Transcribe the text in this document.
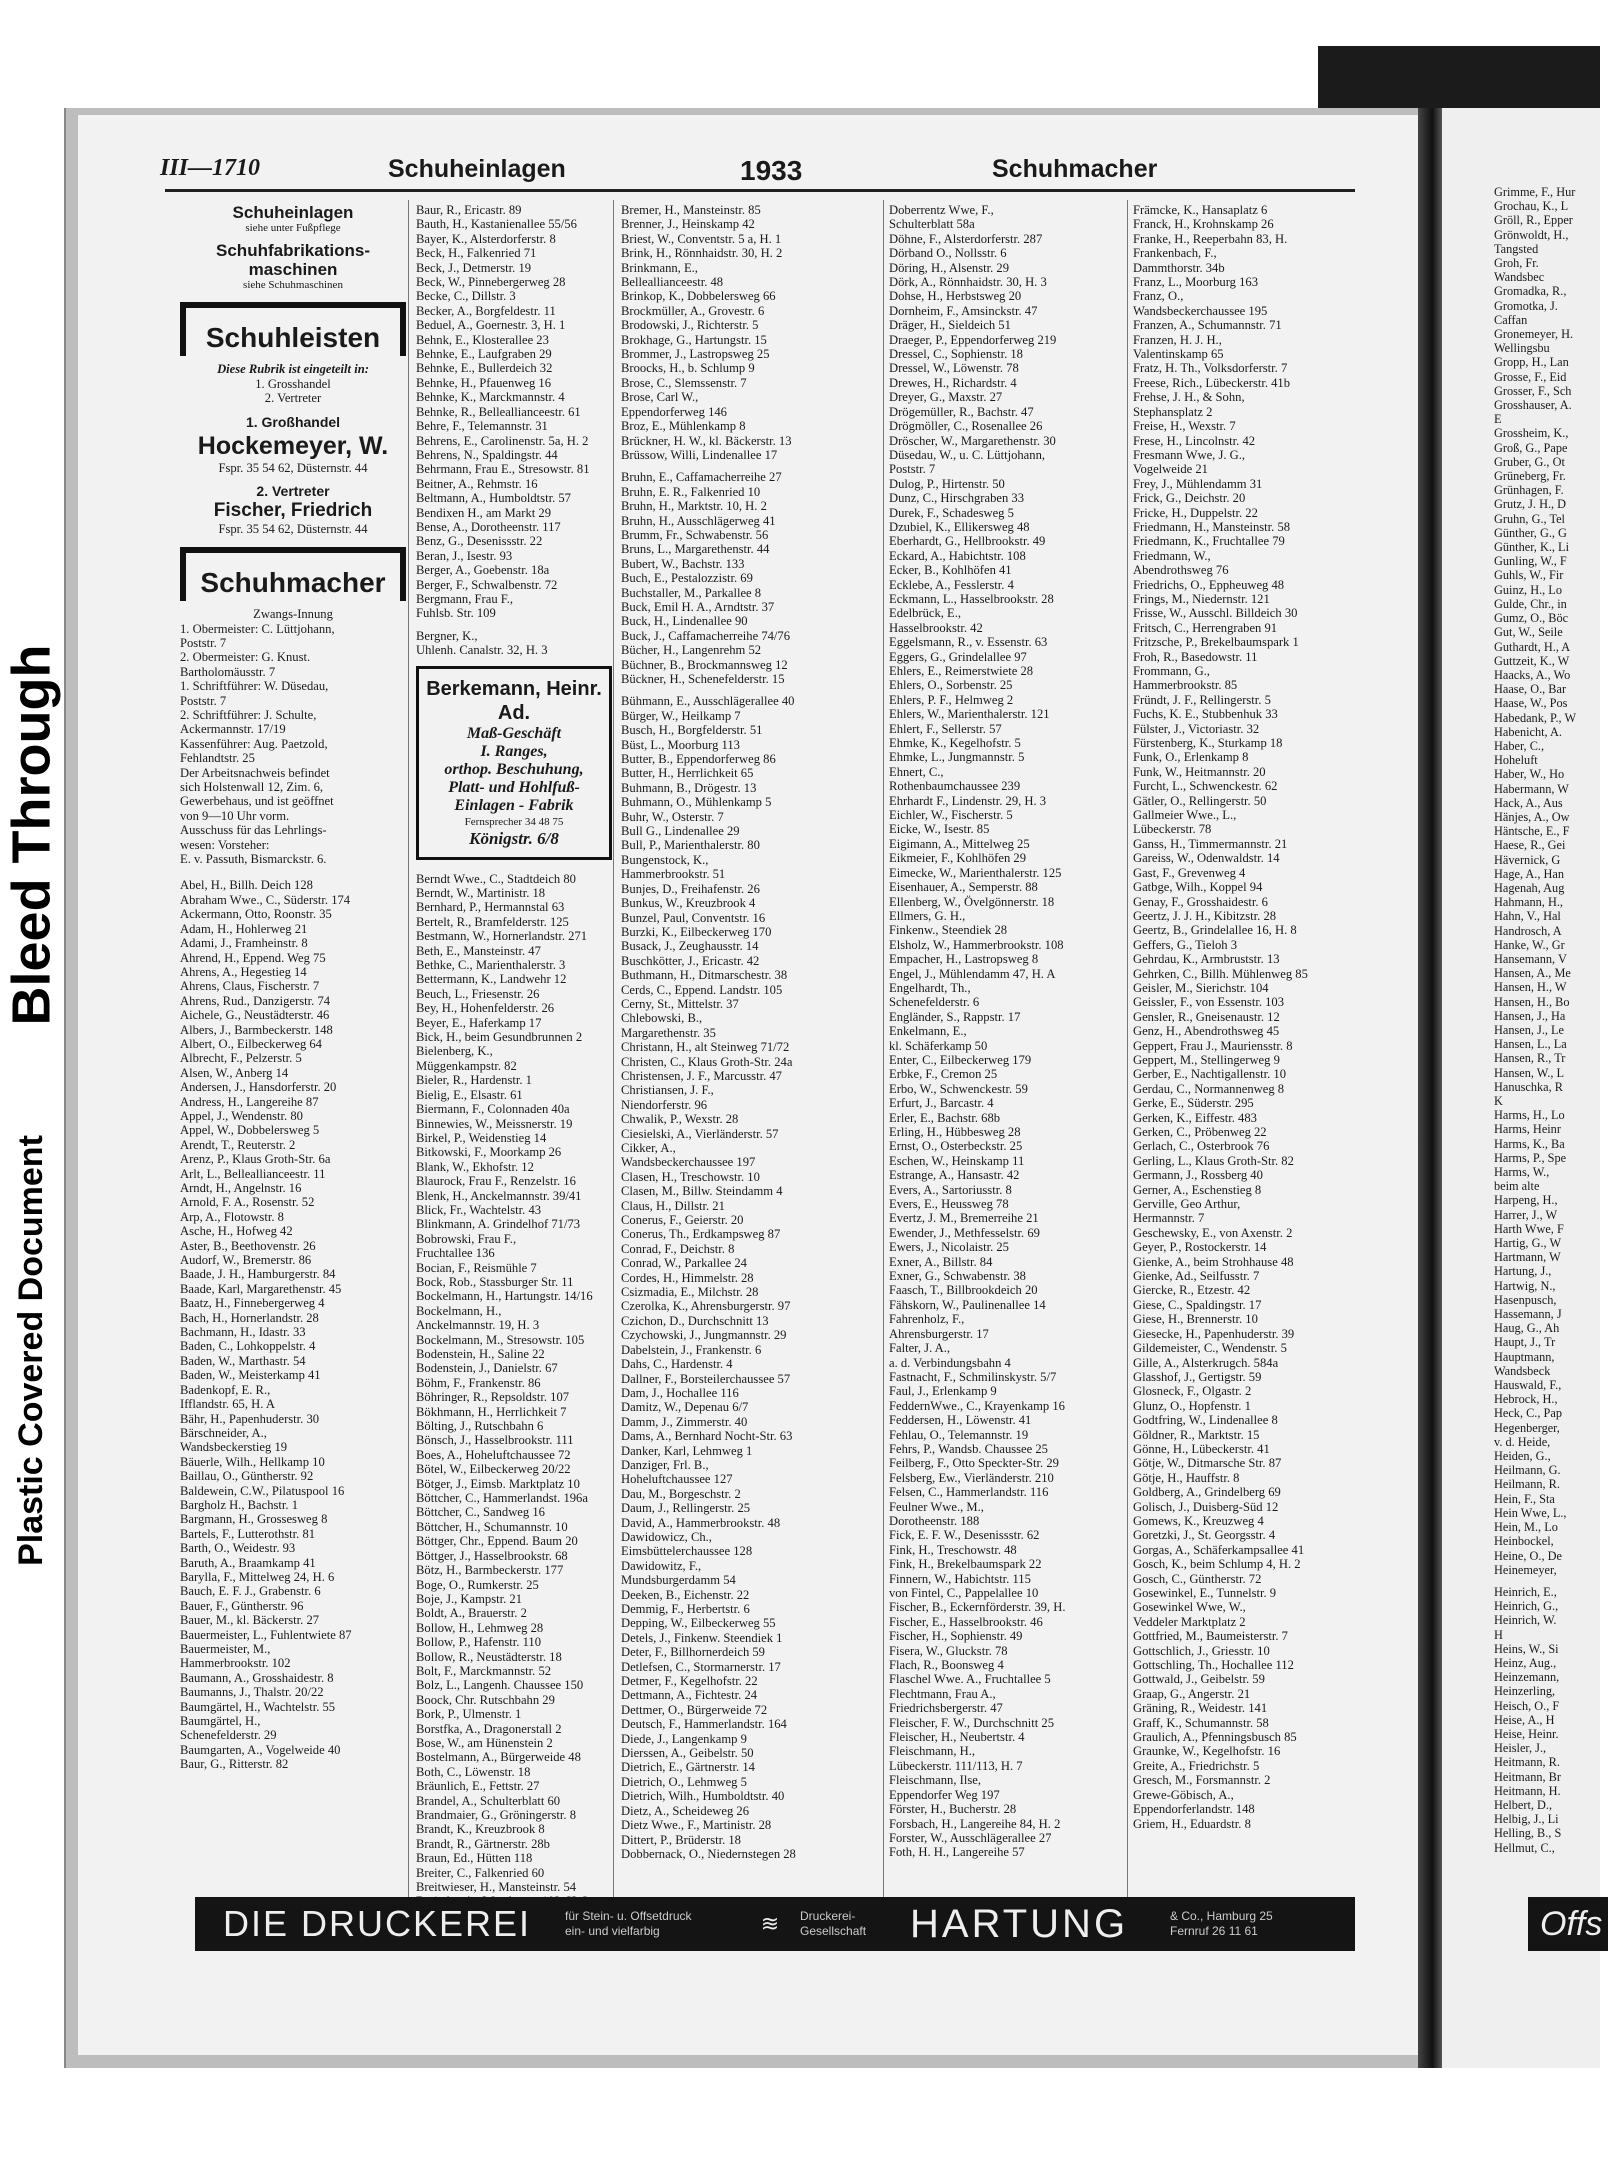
Bleed Through
Plastic Covered Document
III—1710	Schuheinlagen	1933	Schuhmacher
Schuheinlagen
siehe unter Fußpflege
Schuhfabrikations-
maschinen
siehe Schuhmaschinen
Schuhleisten
Diese Rubrik ist eingeteilt in:
1. Grosshandel
2. Vertreter
1. Großhandel
Hockemeyer, W.
Fspr. 35 54 62, Düsternstr. 44
2. Vertreter
Fischer, Friedrich
Fspr. 35 54 62, Düsternstr. 44
Schuhmacher
Zwangs-Innung
1. Obermeister: C. Lüttjohann,
Poststr. 7
2. Obermeister: G. Knust.
Bartholomäusstr. 7
1. Schriftführer: W. Düsedau,
Poststr. 7
2. Schriftführer: J. Schulte,
Ackermannstr. 17/19
Kassenführer: Aug. Paetzold,
Fehlandtstr. 25
Der Arbeitsnachweis befindet
sich Holstenwall 12, Zim. 6,
Gewerbehaus, und ist geöffnet
von 9—10 Uhr vorm.
Ausschuss für das Lehrlings-
wesen: Vorsteher:
E. v. Passuth, Bismarckstr. 6.
Abel, H., Billh. Deich 128
Abraham Wwe., C., Süderstr. 174
Ackermann, Otto, Roonstr. 35
Adam, H., Hohlerweg 21
Adami, J., Framheinstr. 8
Ahrend, H., Eppend. Weg 75
Ahrens, A., Hegestieg 14
Ahrens, Claus, Fischerstr. 7
Ahrens, Rud., Danzigerstr. 74
Aichele, G., Neustädterstr. 46
Albers, J., Barmbeckerstr. 148
Albert, O., Eilbeckerweg 64
Albrecht, F., Pelzerstr. 5
Alsen, W., Anberg 14
Andersen, J., Hansdorferstr. 20
Andress, H., Langereihe 87
Appel, J., Wendenstr. 80
Appel, W., Dobbelersweg 5
Arendt, T., Reuterstr. 2
Arenz, P., Klaus Groth-Str. 6a
Arlt, L., Belleallianceestr. 11
Arndt, H., Angelnstr. 16
Arnold, F. A., Rosenstr. 52
Arp, A., Flotowstr. 8
Asche, H., Hofweg 42
Aster, B., Beethovenstr. 26
Audorf, W., Bremerstr. 86
Baade, J. H., Hamburgerstr. 84
Baade, Karl, Margarethenstr. 45
Baatz, H., Finnebergerweg 4
Bach, H., Hornerlandstr. 28
Bachmann, H., Idastr. 33
Baden, C., Lohkoppelstr. 4
Baden, W., Marthastr. 54
Baden, W., Meisterkamp 41
Badenkopf, E. R.,
Ifflandstr. 65, H. A
Bähr, H., Papenhuderstr. 30
Bärschneider, A.,
Wandsbeckerstieg 19
Bäuerle, Wilh., Hellkamp 10
Baillau, O., Güntherstr. 92
Baldewein, C.W., Pilatuspool 16
Bargholz H., Bachstr. 1
Bargmann, H., Grossesweg 8
Bartels, F., Lutterothstr. 81
Barth, O., Weidestr. 93
Baruth, A., Braamkamp 41
Barylla, F., Mittelweg 24, H. 6
Bauch, E. F. J., Grabenstr. 6
Bauer, F., Güntherstr. 96
Bauer, M., kl. Bäckerstr. 27
Bauermeister, L., Fuhlentwiete 87
Bauermeister, M.,
Hammerbrookstr. 102
Baumann, A., Grosshaidestr. 8
Baumanns, J., Thalstr. 20/22
Baumgärtel, H., Wachtelstr. 55
Baumgärtel, H.,
Schenefelderstr. 29
Baumgarten, A., Vogelweide 40
Baur, G., Ritterstr. 82
Baur, R., Ericastr. 89
Bauth, H., Kastanienallee 55/56
Bayer, K., Alsterdorferstr. 8
Beck, H., Falkenried 71
Beck, J., Detmerstr. 19
Beck, W., Pinnebergerweg 28
Becke, C., Dillstr. 3
Becker, A., Borgfeldestr. 11
Beduel, A., Goernestr. 3, H. 1
Behnk, E., Klosterallee 23
Behnke, E., Laufgraben 29
Behnke, E., Bullerdeich 32
Behnke, H., Pfauenweg 16
Behnke, K., Marckmannstr. 4
Behnke, R., Belleallianceestr. 61
Behre, F., Telemannstr. 31
Behrens, E., Carolinenstr. 5a, H. 2
Behrens, N., Spaldingstr. 44
Behrmann, Frau E., Stresowstr. 81
Beitner, A., Rehmstr. 16
Beltmann, A., Humboldtstr. 57
Bendixen H., am Markt 29
Bense, A., Dorotheenstr. 117
Benz, G., Desenissstr. 22
Beran, J., Isestr. 93
Berger, A., Goebenstr. 18a
Berger, F., Schwalbenstr. 72
Bergmann, Frau F.,
Fuhlsb. Str. 109
Bergner, K.,
Uhlenh. Canalstr. 32, H. 3
Berkemann, Heinr. Ad.
Maß-Geschäft
I. Ranges,
orthop. Beschuhung,
Platt- und Hohlfuß-
Einlagen - Fabrik
Fernsprecher 34 48 75
Königstr. 6/8
Berndt Wwe., C., Stadtdeich 80
Berndt, W., Martinistr. 18
Bernhard, P., Hermannstal 63
Bertelt, R., Bramfelderstr. 125
Bestmann, W., Hornerlandstr. 271
Beth, E., Mansteinstr. 47
Bethke, C., Marienthalerstr. 3
Bettermann, K., Landwehr 12
Beuch, L., Friesenstr. 26
Bey, H., Hohenfelderstr. 26
Beyer, E., Haferkamp 17
Bick, H., beim Gesundbrunnen 2
Bielenberg, K.,
Müggenkampstr. 82
Bieler, R., Hardenstr. 1
Bielig, E., Elsastr. 61
Biermann, F., Colonnaden 40a
Binnewies, W., Meissnerstr. 19
Birkel, P., Weidenstieg 14
Bitkowski, F., Moorkamp 26
Blank, W., Ekhofstr. 12
Blaurock, Frau F., Renzelstr. 16
Blenk, H., Anckelmannstr. 39/41
Blick, Fr., Wachtelstr. 43
Blinkmann, A. Grindelhof 71/73
Bobrowski, Frau F.,
Fruchtallee 136
Bocian, F., Reismühle 7
Bock, Rob., Stassburger Str. 11
Bockelmann, H., Hartungstr. 14/16
Bockelmann, H.,
Anckelmannstr. 19, H. 3
Bockelmann, M., Stresowstr. 105
Bodenstein, H., Saline 22
Bodenstein, J., Danielstr. 67
Böhm, F., Frankenstr. 86
Böhringer, R., Repsoldstr. 107
Bökhmann, H., Herrlichkeit 7
Bölting, J., Rutschbahn 6
Bönsch, J., Hasselbrookstr. 111
Boes, A., Hoheluftchaussee 72
Bötel, W., Eilbeckerweg 20/22
Bötger, J., Eimsb. Marktplatz 10
Böttcher, C., Hammerlandst. 196a
Böttcher, C., Sandweg 16
Böttcher, H., Schumannstr. 10
Böttger, Chr., Eppend. Baum 20
Böttger, J., Hasselbrookstr. 68
Bötz, H., Barmbeckerstr. 177
Boge, O., Rumkerstr. 25
Boje, J., Kampstr. 21
Boldt, A., Brauerstr. 2
Bollow, H., Lehmweg 28
Bollow, P., Hafenstr. 110
Bollow, R., Neustädterstr. 18
Bolt, F., Marckmannstr. 52
Bolz, L., Langenh. Chaussee 150
Boock, Chr. Rutschbahn 29
Bork, P., Ulmenstr. 1
Borstfka, A., Dragonerstall 2
Bose, W., am Hünenstein 2
Bostelmann, A., Bürgerweide 48
Both, C., Löwenstr. 18
Bräunlich, E., Fettstr. 27
Brandel, A., Schulterblatt 60
Brandmaier, G., Gröningerstr. 8
Brandt, K., Kreuzbrook 8
Brandt, R., Gärtnerstr. 28b
Braun, Ed., Hütten 118
Breiter, C., Falkenried 60
Breitwieser, H., Mansteinstr. 54
Bremer, H., Mansteinstr. 85
Brenner, J., Heinskamp 42
Briest, W., Conventstr. 5 a, H. 1
Brink, H., Rönnhaidstr. 30, H. 2
Brinkmann, E.,
Belleallianceestr. 48
Brinkop, K., Dobbelersweg 66
Brockmüller, A., Grovestr. 6
Brodowski, J., Richterstr. 5
Brokhage, G., Hartungstr. 15
Brommer, J., Lastropsweg 25
Broocks, H., b. Schlump 9
Brose, C., Slemssenstr. 7
Brose, Carl W.,
Eppendorferweg 146
Broz, E., Mühlenkamp 8
Brückner, H. W., kl. Bäckerstr. 13
Brüssow, Willi, Lindenallee 17
Bruhn, E., Caffamacherreihe 27
Bruhn, E. R., Falkenried 10
Bruhn, H., Marktstr. 10, H. 2
Bruhn, H., Ausschlägerweg 41
Brumm, Fr., Schwabenstr. 56
Bruns, L., Margarethenstr. 44
Bubert, W., Bachstr. 133
Buch, E., Pestalozzistr. 69
Buchstaller, M., Parkallee 8
Buck, Emil H. A., Arndtstr. 37
Buck, H., Lindenallee 90
Buck, J., Caffamacherreihe 74/76
Bücher, H., Langenrehm 52
Büchner, B., Brockmannsweg 12
Bückner, H., Schenefelderstr. 15
Bühmann, E., Ausschlägerallee 40
Bürger, W., Heilkamp 7
Busch, H., Borgfelderstr. 51
Büst, L., Moorburg 113
Butter, B., Eppendorferweg 86
Butter, H., Herrlichkeit 65
Buhmann, B., Drögestr. 13
Buhmann, O., Mühlenkamp 5
Buhr, W., Osterstr. 7
Bull G., Lindenallee 29
Bull, P., Marienthalerstr. 80
Bungenstock, K.,
Hammerbrookstr. 51
Bunjes, D., Freihafenstr. 26
Bunkus, W., Kreuzbrook 4
Bunzel, Paul, Conventstr. 16
Burzki, K., Eilbeckerweg 170
Busack, J., Zeughausstr. 14
Buschkötter, J., Ericastr. 42
Buthmann, H., Ditmarschestr. 38
Cerds, C., Eppend. Landstr. 105
Cerny, St., Mittelstr. 37
Chlebowski, B.,
Margarethenstr. 35
Christann, H., alt Steinweg 71/72
Christen, C., Klaus Groth-Str. 24a
Christensen, J. F., Marcusstr. 47
Christiansen, J. F.,
Niendorferstr. 96
Chwalik, P., Wexstr. 28
Ciesielski, A., Vierländerstr. 57
Cikker, A.,
Wandsbeckerchaussee 197
Clasen, H., Treschowstr. 10
Clasen, M., Billw. Steindamm 4
Claus, H., Dillstr. 21
Conerus, F., Geierstr. 20
Conerus, Th., Erdkampsweg 87
Conrad, F., Deichstr. 8
Conrad, W., Parkallee 24
Cordes, H., Himmelstr. 28
Csizmadia, E., Milchstr. 28
Czerolka, K., Ahrensburgerstr. 97
Czichon, D., Durchschnitt 13
Czychowski, J., Jungmannstr. 29
Dabelstein, J., Frankenstr. 6
Dahs, C., Hardenstr. 4
Dallner, F., Borsteilerchaussee 57
Dam, J., Hochallee 116
Damitz, W., Depenau 6/7
Damm, J., Zimmerstr. 40
Dams, A., Bernhard Nocht-Str. 63
Danker, Karl, Lehmweg 1
Danziger, Frl. B.,
Hoheluftchaussee 127
Dau, M., Borgeschstr. 2
Daum, J., Rellingerstr. 25
David, A., Hammerbrookstr. 48
Dawidowicz, Ch.,
Eimsbüttelerchaussee 128
Dawidowitz, F.,
Mundsburgerdamm 54
Deeken, B., Eichenstr. 22
Demmig, F., Herbertstr. 6
Depping, W., Eilbeckerweg 55
Detels, J., Finkenw. Steendiek 1
Deter, F., Billhornerdeich 59
Detlefsen, C., Stormarnerstr. 17
Detmer, F., Kegelhofstr. 22
Dettmann, A., Fichtestr. 24
Dettmer, O., Bürgerweide 72
Deutsch, F., Hammerlandstr. 164
Diede, J., Langenkamp 9
Dierssen, A., Geibelstr. 50
Dietrich, E., Gärtnerstr. 14
Dietrich, O., Lehmweg 5
Dietrich, Wilh., Humboldtstr. 40
Dietz, A., Scheideweg 26
Dietz Wwe., F., Martinistr. 28
Dittert, P., Brüderstr. 18
Dobbernack, O., Niedernstegen 28
Doberrentz Wwe, F.,
Schulterblatt 58a
Döhne, F., Alsterdorferstr. 287
Dörband O., Nollsstr. 6
Döring, H., Alsenstr. 29
Dörk, A., Rönnhaidstr. 30, H. 3
Dohse, H., Herbstsweg 20
Dornheim, F., Amsinckstr. 47
Dräger, H., Sieldeich 51
Draeger, P., Eppendorferweg 219
Dressel, C., Sophienstr. 18
Dressel, W., Löwenstr. 78
Drewes, H., Richardstr. 4
Dreyer, G., Maxstr. 27
Drögemüller, R., Bachstr. 47
Drögmöller, C., Rosenallee 26
Dröscher, W., Margarethenstr. 30
Düsedau, W., u. C. Lüttjohann,
Poststr. 7
Dulog, P., Hirtenstr. 50
Dunz, C., Hirschgraben 33
Durek, F., Schadesweg 5
Dzubiel, K., Ellikersweg 48
Eberhardt, G., Hellbrookstr. 49
Eckard, A., Habichtstr. 108
Ecker, B., Kohlhöfen 41
Ecklebe, A., Fesslerstr. 4
Eckmann, L., Hasselbrookstr. 28
Edelbrück, E.,
Hasselbrookstr. 42
Eggelsmann, R., v. Essenstr. 63
Eggers, G., Grindelallee 97
Ehlers, E., Reimerstwiete 28
Ehlers, O., Sorbenstr. 25
Ehlers, P. F., Helmweg 2
Ehlers, W., Marienthalerstr. 121
Ehlert, F., Sellerstr. 57
Ehmke, K., Kegelhofstr. 5
Ehmke, L., Jungmannstr. 5
Ehnert, C.,
Rothenbaumchaussee 239
Ehrhardt F., Lindenstr. 29, H. 3
Eichler, W., Fischerstr. 5
Eicke, W., Isestr. 85
Eigimann, A., Mittelweg 25
Eikmeier, F., Kohlhöfen 29
Eimecke, W., Marienthalerstr. 125
Eisenhauer, A., Semperstr. 88
Ellenberg, W., Övelgönnerstr. 18
Ellmers, G. H.,
Finkenw., Steendiek 28
Elsholz, W., Hammerbrookstr. 108
Empacher, H., Lastropsweg 8
Engel, J., Mühlendamm 47, H. A
Engelhardt, Th.,
Schenefelderstr. 6
Engländer, S., Rappstr. 17
Enkelmann, E.,
kl. Schäferkamp 50
Enter, C., Eilbeckerweg 179
Erbke, F., Cremon 25
Erbo, W., Schwenckestr. 59
Erfurt, J., Barcastr. 4
Erler, E., Bachstr. 68b
Erling, H., Hübbesweg 28
Ernst, O., Osterbeckstr. 25
Eschen, W., Heinskamp 11
Estrange, A., Hansastr. 42
Evers, A., Sartoriusstr. 8
Evers, E., Heussweg 78
Evertz, J. M., Bremerreihe 21
Ewender, J., Methfesselstr. 69
Ewers, J., Nicolaistr. 25
Exner, A., Billstr. 84
Exner, G., Schwabenstr. 38
Faasch, T., Billbrookdeich 20
Fähskorn, W., Paulinenallee 14
Fahrenholz, F.,
Ahrensburgerstr. 17
Falter, J. A.,
a. d. Verbindungsbahn 4
Fastnacht, F., Schmilinskystr. 5/7
Faul, J., Erlenkamp 9
FeddernWwe., C., Krayenkamp 16
Feddersen, H., Löwenstr. 41
Fehlau, O., Telemannstr. 19
Fehrs, P., Wandsb. Chaussee 25
Feilberg, F., Otto Speckter-Str. 29
Felsberg, Ew., Vierländerstr. 210
Felsen, C., Hammerlandstr. 116
Feulner Wwe., M.,
Dorotheenstr. 188
Fick, E. F. W., Desenissstr. 62
Fink, H., Treschowstr. 48
Fink, H., Brekelbaumspark 22
Finnern, W., Habichtstr. 115
von Fintel, C., Pappelallee 10
Fischer, B., Eckernförderstr. 39, H.
Fischer, E., Hasselbrookstr. 46
Fischer, H., Sophienstr. 49
Fisera, W., Gluckstr. 78
Flach, R., Boonsweg 4
Flaschel Wwe. A., Fruchtallee 5
Flechtmann, Frau A.,
Friedrichsbergerstr. 47
Fleischer, F. W., Durchschnitt 25
Fleischer, H., Neubertstr. 4
Fleischmann, H.,
Lübeckerstr. 111/113, H. 7
Fleischmann, Ilse,
Eppendorfer Weg 197
Förster, H., Bucherstr. 28
Forsbach, H., Langereihe 84, H. 2
Forster, W., Ausschlägerallee 27
Foth, H. H., Langereihe 57
Främcke, K., Hansaplatz 6
Franck, H., Krohnskamp 26
Franke, H., Reeperbahn 83, H.
Frankenbach, F.,
Dammthorstr. 34b
Franz, L., Moorburg 163
Franz, O.,
Wandsbeckerchaussee 195
Franzen, A., Schumannstr. 71
Franzen, H. J. H.,
Valentinskamp 65
Fratz, H. Th., Volksdorferstr. 7
Freese, Rich., Lübeckerstr. 41b
Frehse, J. H., & Sohn,
Stephansplatz 2
Freise, H., Wexstr. 7
Frese, H., Lincolnstr. 42
Fresmann Wwe, J. G.,
Vogelweide 21
Frey, J., Mühlendamm 31
Frick, G., Deichstr. 20
Fricke, H., Duppelstr. 22
Friedmann, H., Mansteinstr. 58
Friedmann, K., Fruchtallee 79
Friedmann, W.,
Abendrothsweg 76
Friedrichs, O., Eppheuweg 48
Frings, M., Niedernstr. 121
Frisse, W., Ausschl. Billdeich 30
Fritsch, C., Herrengraben 91
Fritzsche, P., Brekelbaumspark 1
Froh, R., Basedowstr. 11
Frommann, G.,
Hammerbrookstr. 85
Fründt, J. F., Rellingerstr. 5
Fuchs, K. E., Stubbenhuk 33
Fülster, J., Victoriastr. 32
Fürstenberg, K., Sturkamp 18
Funk, O., Erlenkamp 8
Funk, W., Heitmannstr. 20
Furcht, L., Schwenckestr. 62
Gätler, O., Rellingerstr. 50
Gallmeier Wwe., L.,
Lübeckerstr. 78
Ganss, H., Timmermannstr. 21
Gareiss, W., Odenwaldstr. 14
Gast, F., Grevenweg 4
Gatbge, Wilh., Koppel 94
Genay, F., Grosshaidestr. 6
Geertz, J. J. H., Kibitzstr. 28
Geertz, B., Grindelallee 16, H. 8
Geffers, G., Tieloh 3
Gehrdau, K., Armbruststr. 13
Gehrken, C., Billh. Mühlenweg 85
Geisler, M., Sierichstr. 104
Geissler, F., von Essenstr. 103
Gensler, R., Gneisenaustr. 12
Genz, H., Abendrothsweg 45
Geppert, Frau J., Mauriensstr. 8
Geppert, M., Stellingerweg 9
Gerber, E., Nachtigallenstr. 10
Gerdau, C., Normannenweg 8
Gerke, E., Süderstr. 295
Gerken, K., Eiffestr. 483
Gerken, C., Pröbenweg 22
Gerlach, C., Osterbrook 76
Gerling, L., Klaus Groth-Str. 82
Germann, J., Rossberg 40
Gerner, A., Eschenstieg 8
Gerville, Geo Arthur,
Hermannstr. 7
Geschewsky, E., von Axenstr. 2
Geyer, P., Rostockerstr. 14
Gienke, A., beim Strohhause 48
Gienke, Ad., Seilfusstr. 7
Giercke, R., Etzestr. 42
Giese, C., Spaldingstr. 17
Giese, H., Brennerstr. 10
Giesecke, H., Papenhuderstr. 39
Gildemeister, C., Wendenstr. 5
Gille, A., Alsterkrugch. 584a
Glasshof, J., Gertigstr. 59
Glosneck, F., Olgastr. 2
Glunz, O., Hopfenstr. 1
Godtfring, W., Lindenallee 8
Göldner, R., Marktstr. 15
Gönne, H., Lübeckerstr. 41
Götje, W., Ditmarsche Str. 87
Götje, H., Hauffstr. 8
Goldberg, A., Grindelberg 69
Golisch, J., Duisberg-Süd 12
Gomews, K., Kreuzweg 4
Goretzki, J., St. Georgsstr. 4
Gorgas, A., Schäferkampsallee 41
Gosch, K., beim Schlump 4, H. 2
Gosch, C., Güntherstr. 72
Gosewinkel, E., Tunnelstr. 9
Gosewinkel Wwe, W.,
Veddeler Marktplatz 2
Gottfried, M., Baumeisterstr. 7
Gottschlich, J., Griesstr. 10
Gottschling, Th., Hochallee 112
Gottwald, J., Geibelstr. 59
Graap, G., Angerstr. 21
Gräning, R., Weidestr. 141
Graff, K., Schumannstr. 58
Graulich, A., Pfenningsbusch 85
Graunke, W., Kegelhofstr. 16
Greite, A., Friedrichstr. 5
Gresch, M., Forsmannstr. 2
Grewe-Göbisch, A.,
Eppendorferlandstr. 148
Griem, H., Eduardstr. 8
Grimme, F., Hur
Grochau, K., L
Gröll, R., Epper
Grönwoldt, H.,
Tangsted
Groh, Fr.
Wandsbec
Gromadka, R.,
Gromotka, J.
Caffan
Gronemeyer, H.
Wellingsbu
Gropp, H., Lan
Grosse, F., Eid
Grosser, F., Sch
Grosshauser, A.
E
Grossheim, K.,
Groß, G., Pape
Gruber, G., Ot
Grüneberg, Fr.
Grünhagen, F.
Grutz, J. H., D
Gruhn, G., Tel
Günther, G., G
Günther, K., Li
Gunling, W., F
Guhls, W., Fir
Guinz, H., Lo
Gulde, Chr., in
Gumz, O., Böc
Gut, W., Seile
Guthardt, H., A
Guttzeit, K., W
Haacks, A., Wo
Haase, O., Bar
Haase, W., Pos
Habedank, P., W
Habenicht, A.
Haber, C.,
Hoheluft
Haber, W., Ho
Habermann, W
Hack, A., Aus
Hänjes, A., Ow
Häntsche, E., F
Haese, R., Gei
Hävernick, G
Hage, A., Han
Hagenah, Aug
Hahmann, H.,
Hahn, V., Hal
Handrosch, A
Hanke, W., Gr
Hansemann, V
Hansen, A., Me
Hansen, H., W
Hansen, H., Bo
Hansen, J., Ha
Hansen, J., Le
Hansen, L., La
Hansen, R., Tr
Hansen, W., L
Hanuschka, R
K
Harms, H., Lo
Harms, Heinr
Harms, K., Ba
Harms, P., Spe
Harms, W.,
beim alte
Harpeng, H.,
Harrer, J., W
Harth Wwe, F
Hartig, G., W
Hartmann, W
Hartung, J.,
Hartwig, N.,
Hasenpusch,
Hassemann, J
Haug, G., Ah
Haupt, J., Tr
Hauptmann,
Wandsbeck
Hauswald, F.,
Hebrock, H.,
Heck, C., Pap
Hegenberger,
v. d. Heide,
Heiden, G.,
Heilmann, G.
Heilmann, R.
Hein, F., Sta
Hein Wwe, L.,
Hein, M., Lo
Heinbockel,
Heine, O., De
Heinemeyer,
Heinrich, E.,
Heinrich, G.,
Heinrich, W.
H
Heins, W., Si
Heinz, Aug.,
Heinzemann,
Heinzerling,
Heisch, O., F
Heise, A., H
Heise, Heinr.
Heisler, J.,
Heitmann, R.
Heitmann, Br
Heitmann, H.
Helbert, D.,
Helbig, J., Li
Helling, B., S
Hellmut, C.,
DIE DRUCKEREI	für Stein- u. Offsetdruck
ein- und vielfarbig	≋	Druckerei-
Gesellschaft	HARTUNG	& Co., Hamburg 25
Fernruf 26 11 61	Offs
